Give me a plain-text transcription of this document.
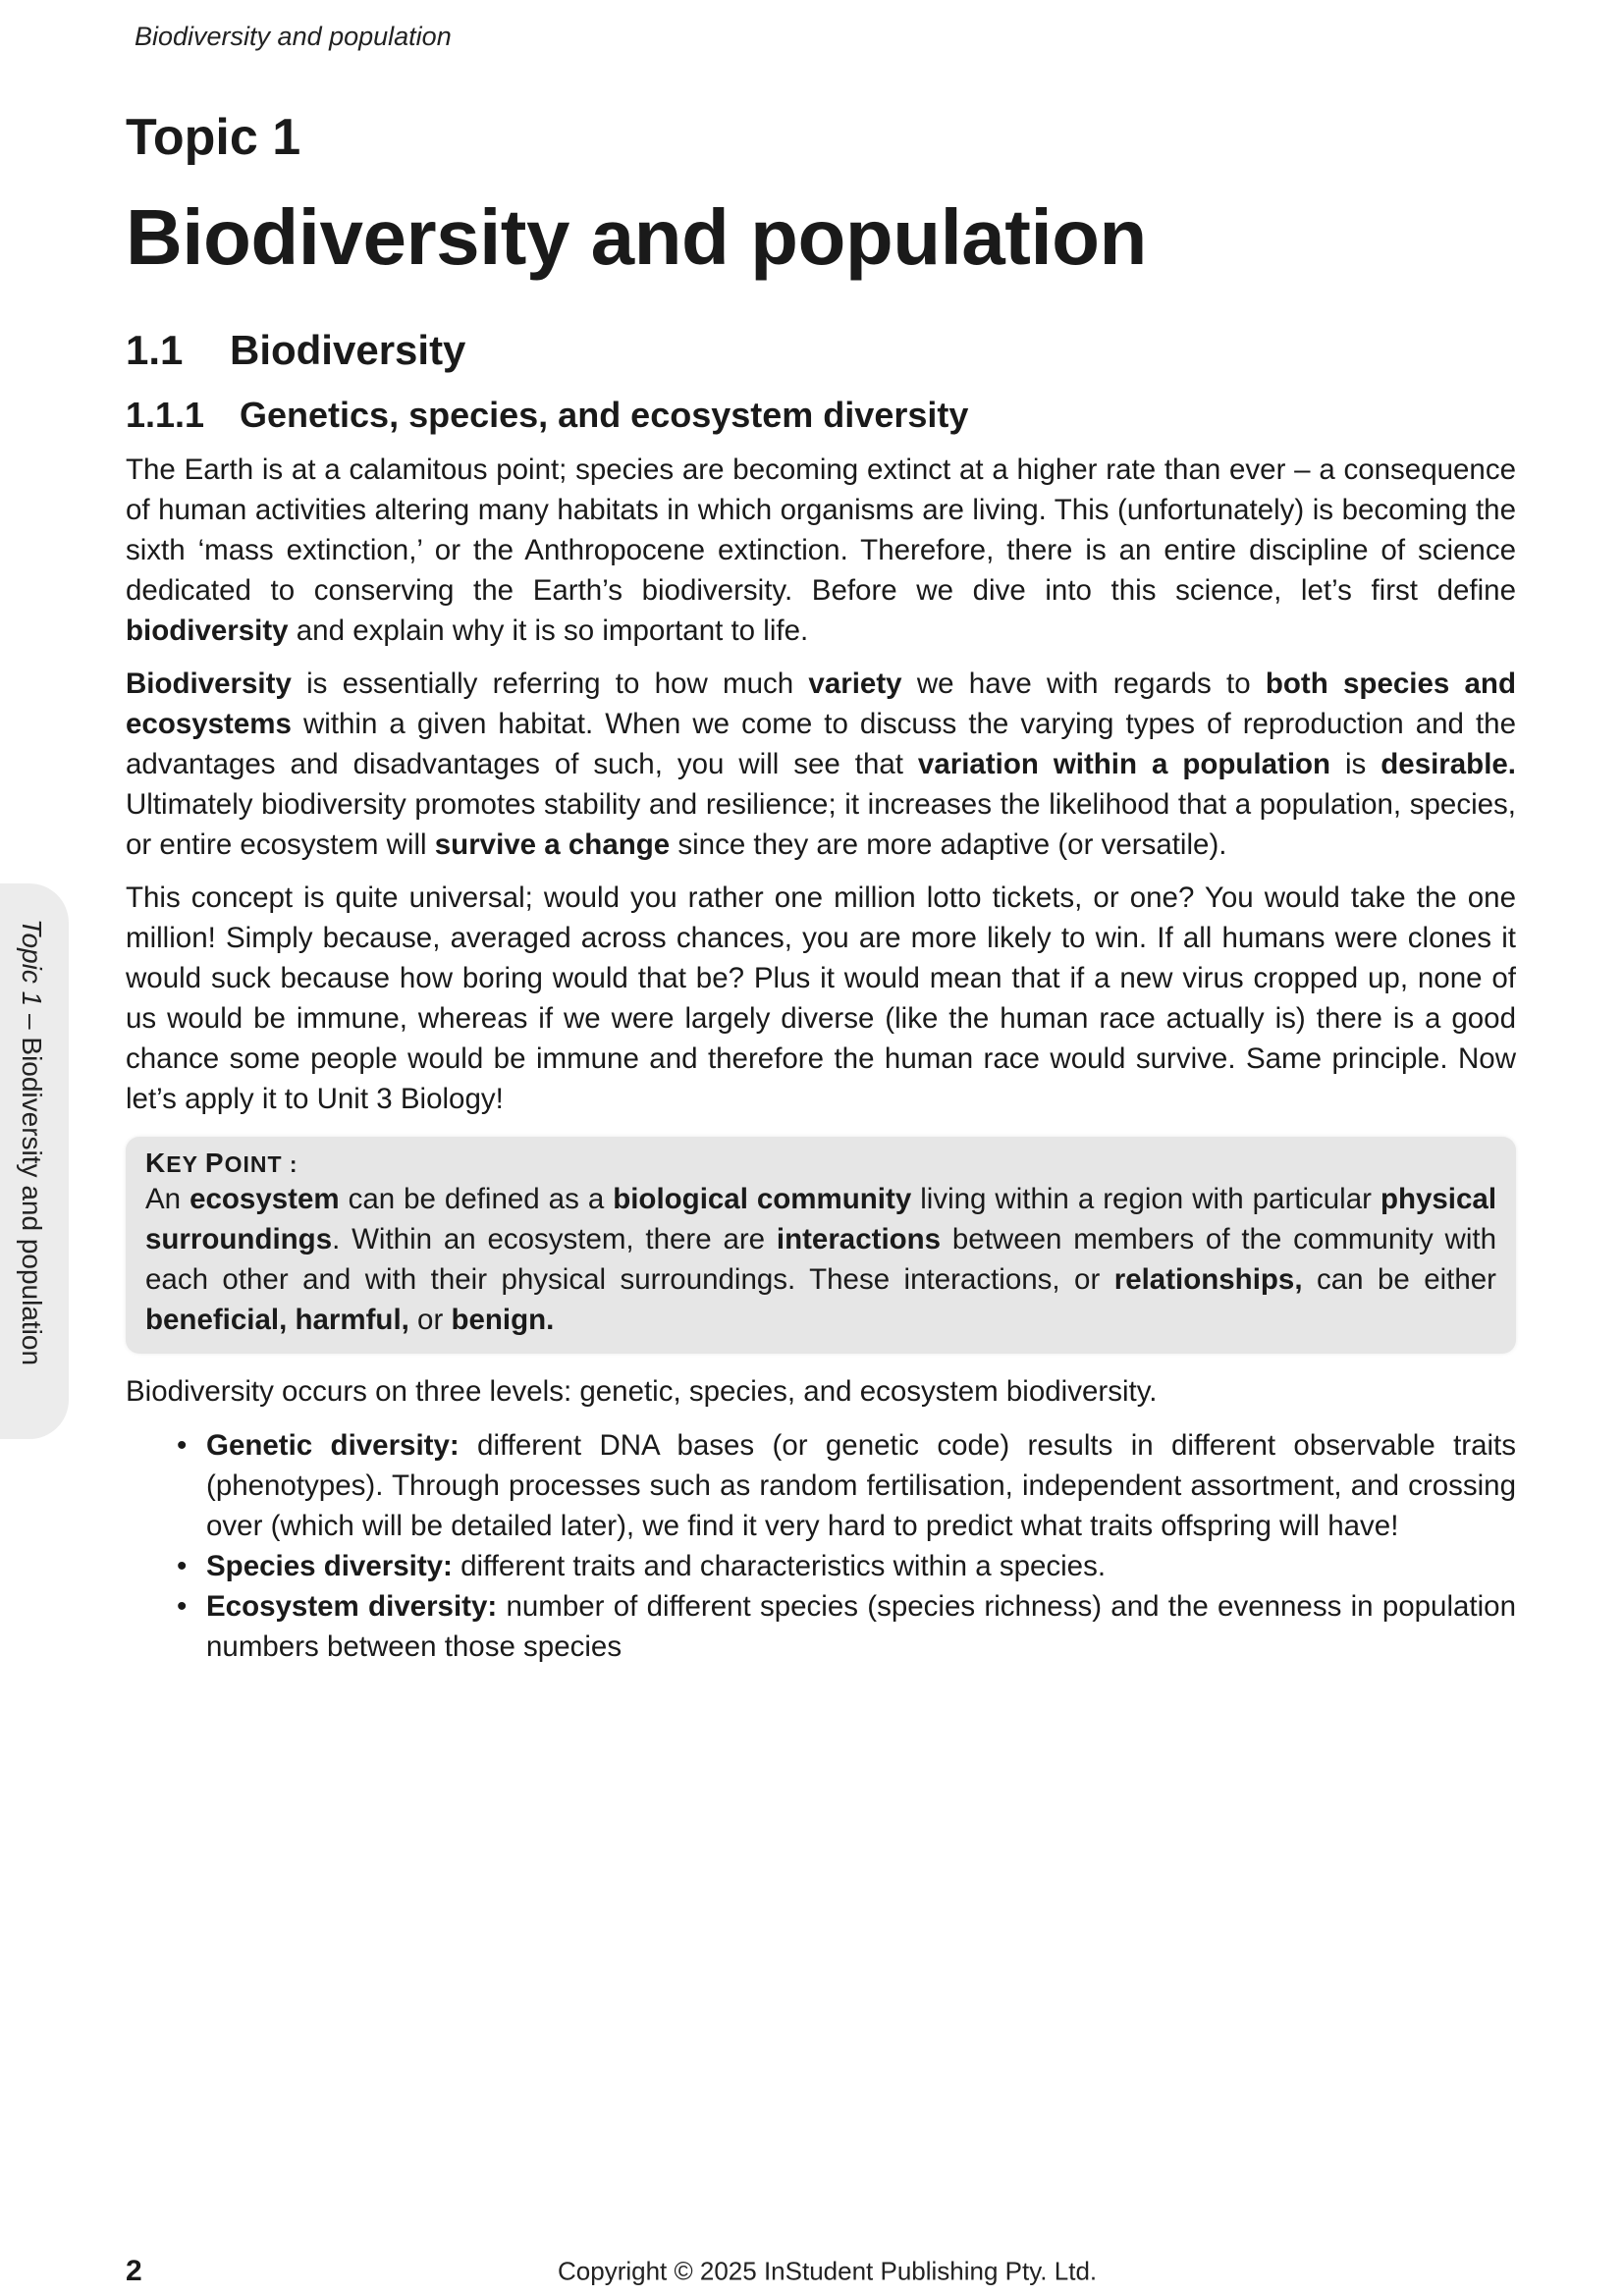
Biodiversity and population
Topic 1 – Biodiversity and population
Topic 1
Biodiversity and population
1.1	Biodiversity
1.1.1 Genetics, species, and ecosystem diversity

The Earth is at a calamitous point; species are becoming extinct at a higher rate than ever – a consequence of human activities altering many habitats in which organisms are living. This (unfortunately) is becoming the sixth ‘mass extinction,’ or the Anthropocene extinction. Therefore, there is an entire discipline of science dedicated to conserving the Earth’s biodiversity. Before we dive into this science, let’s first define biodiversity and explain why it is so important to life.

Biodiversity is essentially referring to how much variety we have with regards to both species and ecosystems within a given habitat. When we come to discuss the varying types of reproduction and the advantages and disadvantages of such, you will see that variation within a population is desirable. Ultimately biodiversity promotes stability and resilience; it increases the likelihood that a population, species, or entire ecosystem will survive a change since they are more adaptive (or versatile).

This concept is quite universal; would you rather one million lotto tickets, or one? You would take the one million! Simply because, averaged across chances, you are more likely to win. If all humans were clones it would suck because how boring would that be? Plus it would mean that if a new virus cropped up, none of us would be immune, whereas if we were largely diverse (like the human race actually is) there is a good chance some people would be immune and therefore the human race would survive. Same principle. Now let’s apply it to Unit 3 Biology!

KEY POINT :

An ecosystem can be defined as a biological community living within a region with particular physical surroundings. Within an ecosystem, there are interactions between members of the community with each other and with their physical surroundings. These interactions, or relationships, can be either beneficial, harmful, or benign.

Biodiversity occurs on three levels: genetic, species, and ecosystem biodiversity.

• Genetic diversity: different DNA bases (or genetic code) results in different observable traits (phenotypes). Through processes such as random fertilisation, independent assortment, and crossing over (which will be detailed later), we find it very hard to predict what traits offspring will have!
• Species diversity: different traits and characteristics within a species.
• Ecosystem diversity: number of different species (species richness) and the evenness in population numbers between those species
2	Copyright © 2025 InStudent Publishing Pty. Ltd.
